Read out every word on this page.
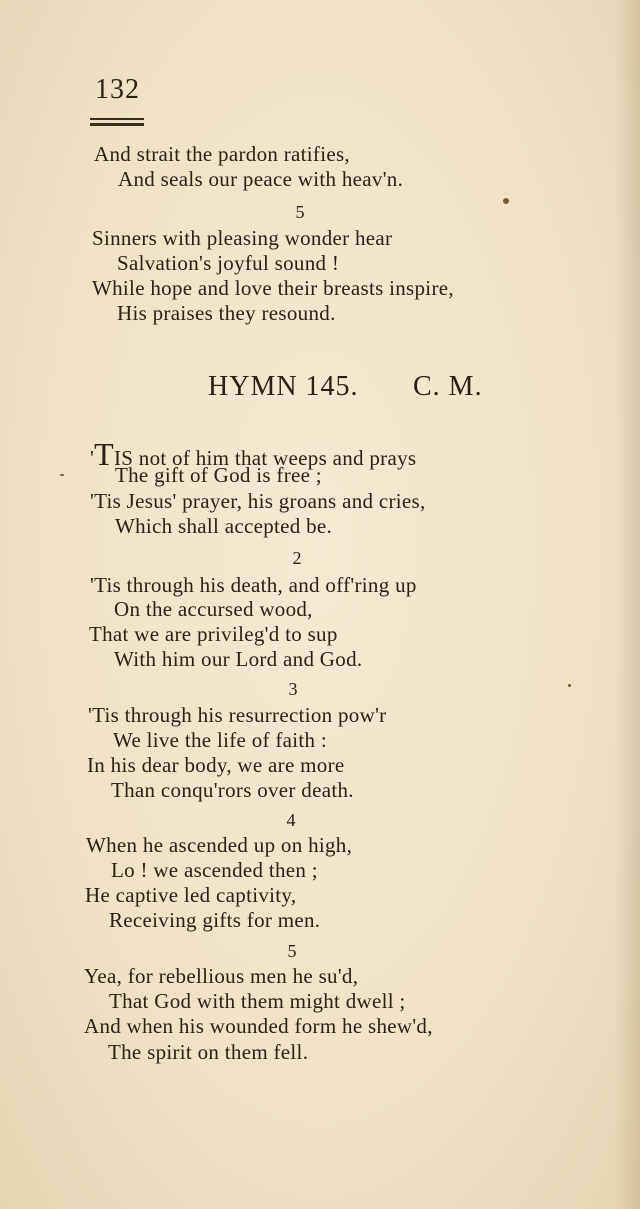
132
And strait the pardon ratifies,
And seals our peace with heav'n.
5
Sinners with pleasing wonder hear
Salvation's joyful sound !
While hope and love their breasts inspire,
His praises they resound.
HYMN 145. C. M.
'TIS not of him that weeps and prays
The gift of God is free ;
'Tis Jesus' prayer, his groans and cries,
Which shall accepted be.
2
'Tis through his death, and off'ring up
On the accursed wood,
That we are privileg'd to sup
With him our Lord and God.
3
'Tis through his resurrection pow'r
We live the life of faith :
In his dear body, we are more
Than conqu'rors over death.
4
When he ascended up on high,
Lo ! we ascended then ;
He captive led captivity,
Receiving gifts for men.
5
Yea, for rebellious men he su'd,
That God with them might dwell ;
And when his wounded form he shew'd,
The spirit on them fell.
